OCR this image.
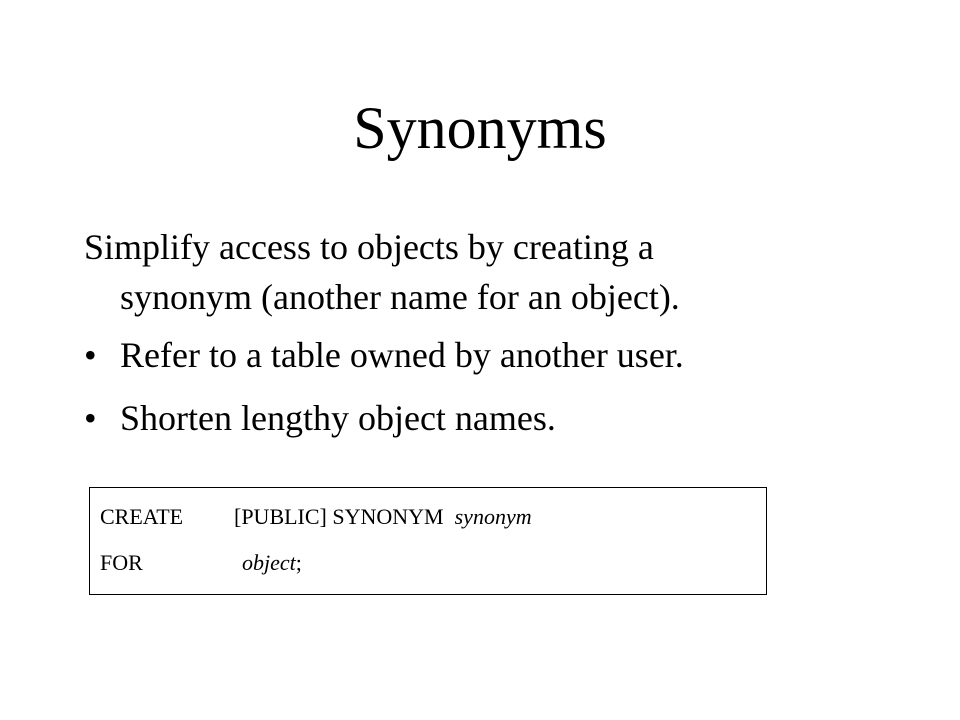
Synonyms
Simplify access to objects by creating a
synonym (another name for an object).
• Refer to a table owned by another user.
• Shorten lengthy object names.
CREATE [PUBLIC] SYNONYM synonym
FOR	object;
